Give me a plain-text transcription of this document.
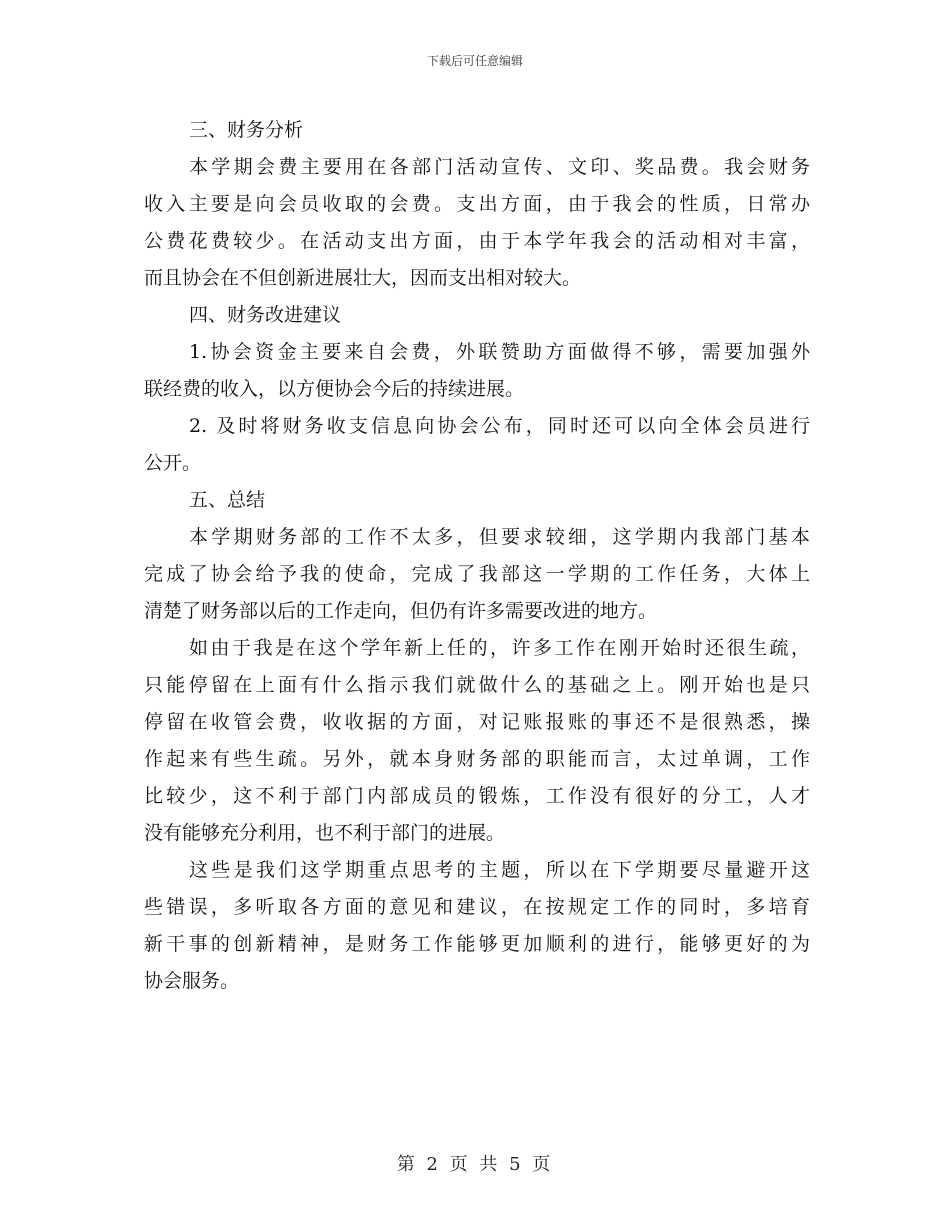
下载后可任意编辑
三、财务分析
本学期会费主要用在各部门活动宣传、文印、奖品费。我会财务
收入主要是向会员收取的会费。支出方面，由于我会的性质，日常办
公费花费较少。在活动支出方面，由于本学年我会的活动相对丰富，
而且协会在不但创新进展壮大，因而支出相对较大。
四、财务改进建议
1.协会资金主要来自会费，外联赞助方面做得不够，需要加强外
联经费的收入，以方便协会今后的持续进展。
2. 及时将财务收支信息向协会公布，同时还可以向全体会员进行
公开。
五、总结
本学期财务部的工作不太多，但要求较细，这学期内我部门基本
完成了协会给予我的使命，完成了我部这一学期的工作任务，大体上
清楚了财务部以后的工作走向，但仍有许多需要改进的地方。
如由于我是在这个学年新上任的，许多工作在刚开始时还很生疏，
只能停留在上面有什么指示我们就做什么的基础之上。刚开始也是只
停留在收管会费，收收据的方面，对记账报账的事还不是很熟悉，操
作起来有些生疏。另外，就本身财务部的职能而言，太过单调，工作
比较少，这不利于部门内部成员的锻炼，工作没有很好的分工，人才
没有能够充分利用，也不利于部门的进展。
这些是我们这学期重点思考的主题，所以在下学期要尽量避开这
些错误，多听取各方面的意见和建议，在按规定工作的同时，多培育
新干事的创新精神，是财务工作能够更加顺利的进行，能够更好的为
协会服务。
第 2 页 共 5 页
